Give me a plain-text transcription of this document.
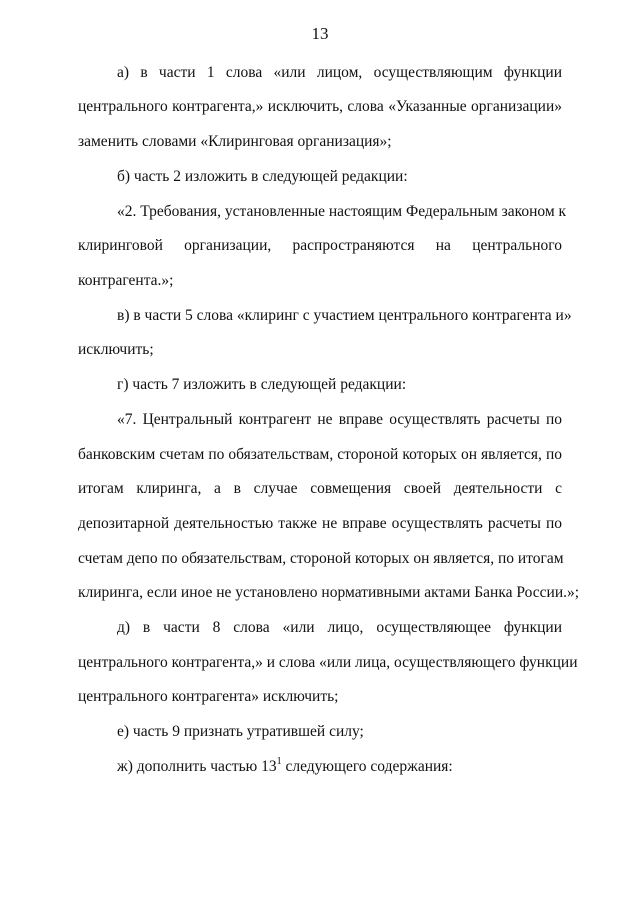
13
а) в части 1 слова «или лицом, осуществляющим функции
центрального контрагента,» исключить, слова «Указанные организации»
заменить словами «Клиринговая организация»;
б) часть 2 изложить в следующей редакции:
«2. Требования, установленные настоящим Федеральным законом к
клиринговой организации, распространяются на центрального
контрагента.»;
в) в части 5 слова «клиринг с участием центрального контрагента и»
исключить;
г) часть 7 изложить в следующей редакции:
«7. Центральный контрагент не вправе осуществлять расчеты по
банковским счетам по обязательствам, стороной которых он является, по
итогам клиринга, а в случае совмещения своей деятельности с
депозитарной деятельностью также не вправе осуществлять расчеты по
счетам депо по обязательствам, стороной которых он является, по итогам
клиринга, если иное не установлено нормативными актами Банка России.»;
д) в части 8 слова «или лицо, осуществляющее функции
центрального контрагента,» и слова «или лица, осуществляющего функции
центрального контрагента» исключить;
е) часть 9 признать утратившей силу;
ж) дополнить частью $13^1$ следующего содержания:
